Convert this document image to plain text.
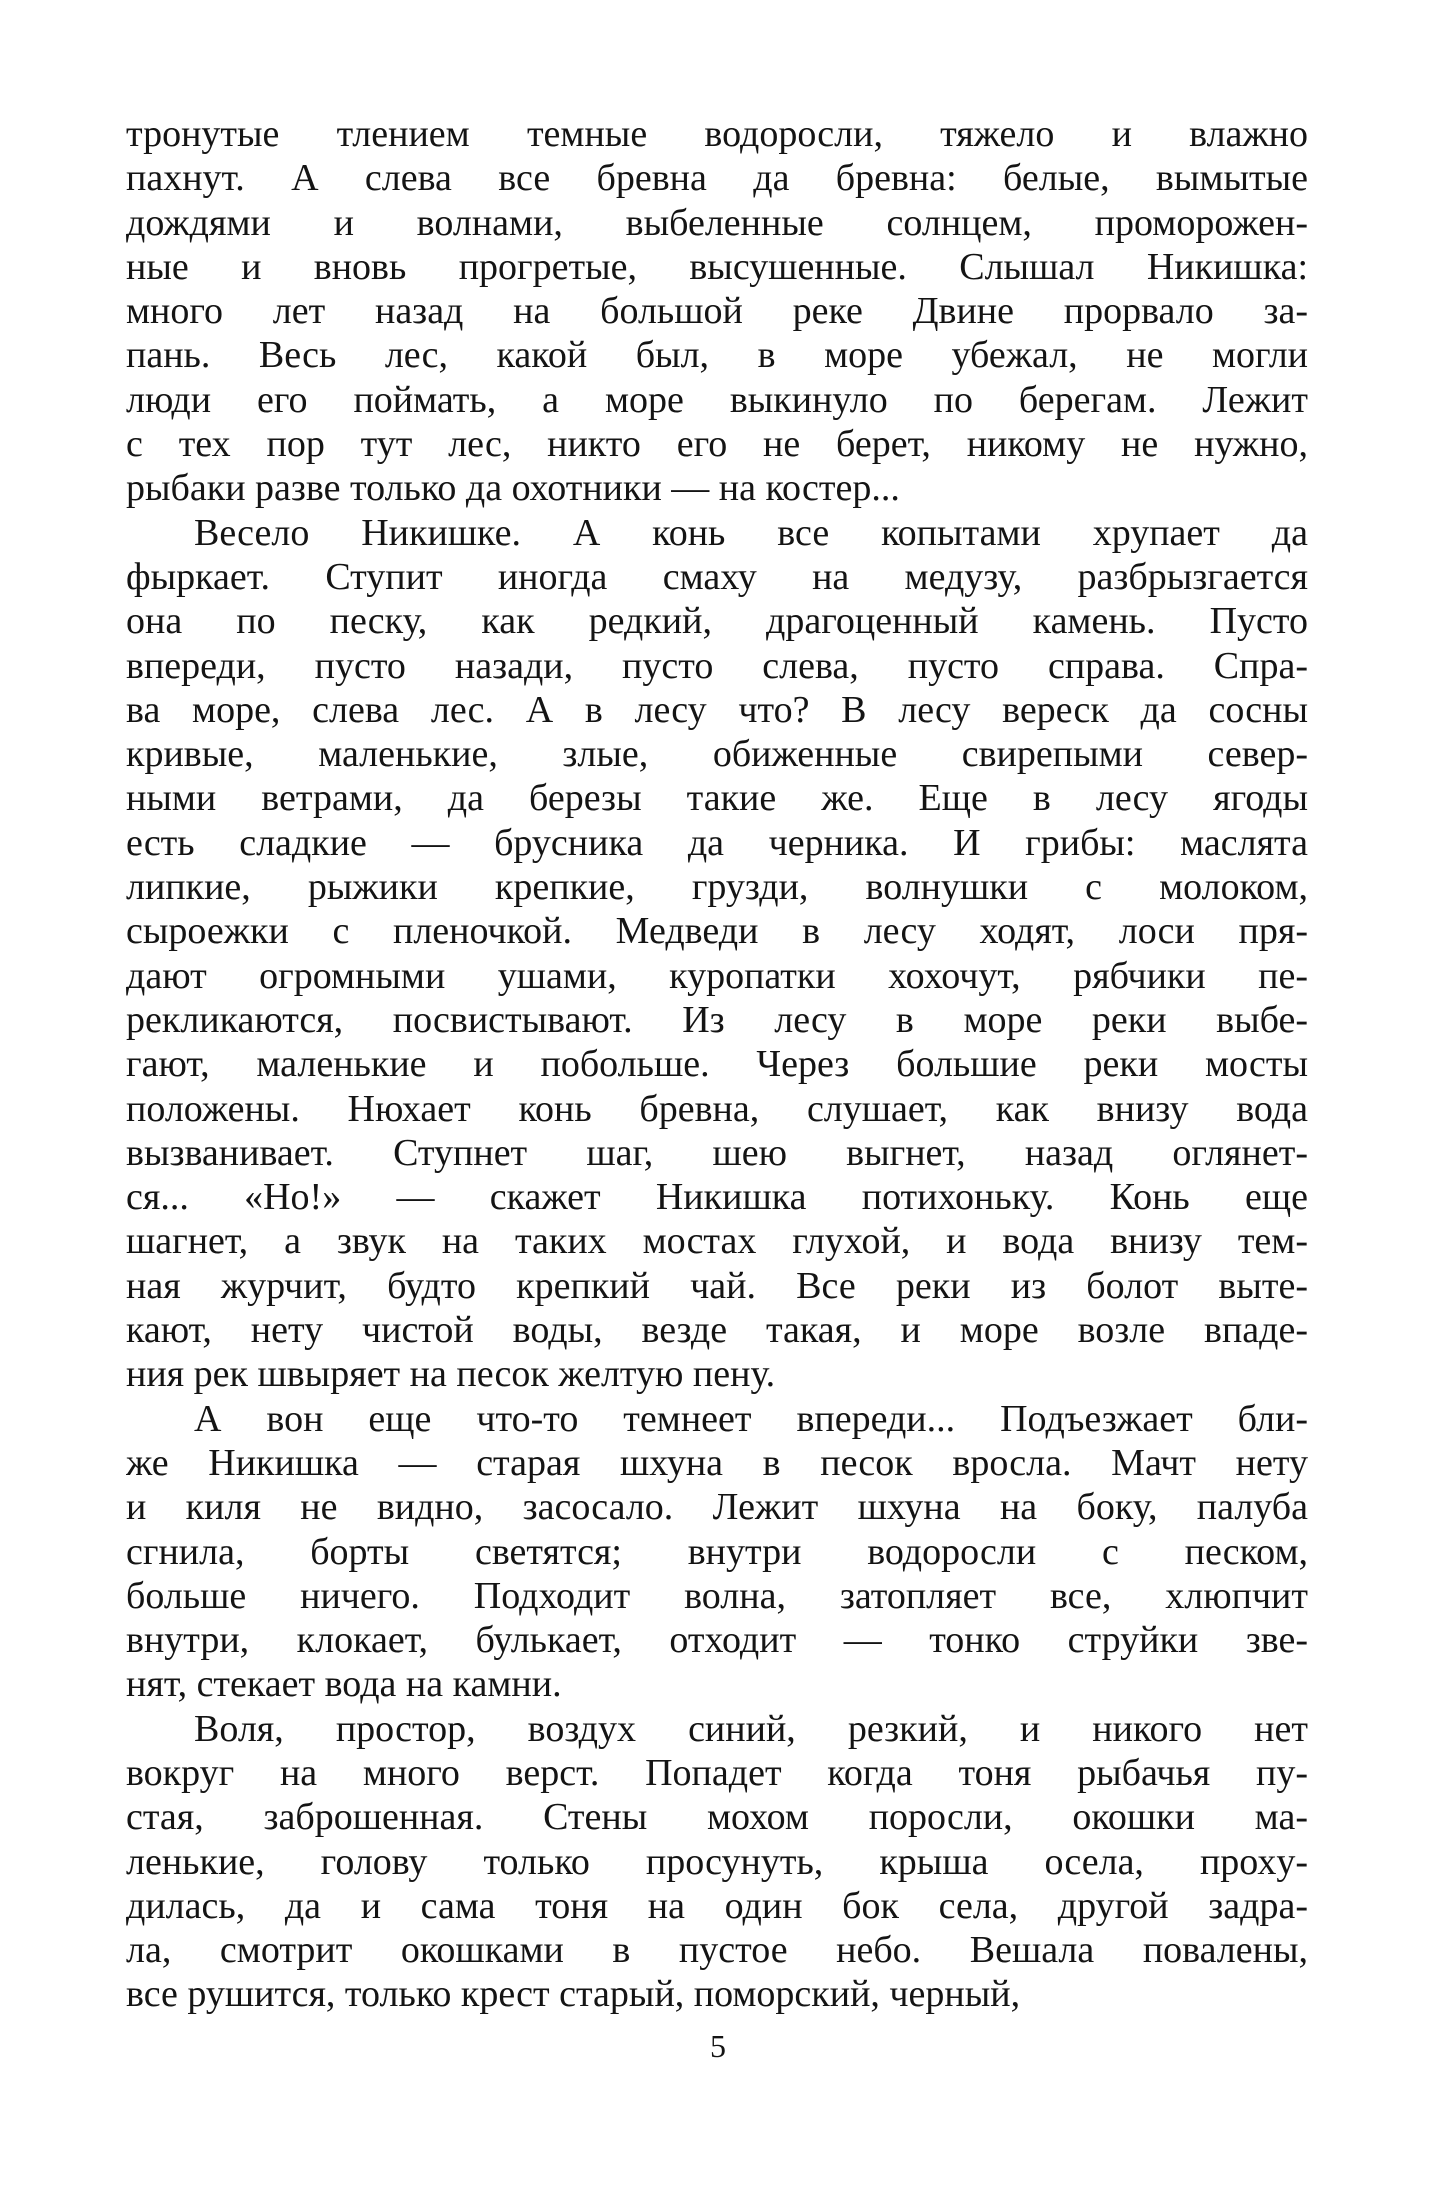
тронутые тлением темные водоросли, тяжело и влажно
пахнут. А слева все бревна да бревна: белые, вымытые
дождями и волнами, выбеленные солнцем, проморожен-
ные и вновь прогретые, высушенные. Слышал Никишка:
много лет назад на большой реке Двине прорвало за-
пань. Весь лес, какой был, в море убежал, не могли
люди его поймать, а море выкинуло по берегам. Лежит
с тех пор тут лес, никто его не берет, никому не нужно,
рыбаки разве только да охотники — на костер...
Весело Никишке. А конь все копытами хрупает да
фыркает. Ступит иногда смаху на медузу, разбрызгается
она по песку, как редкий, драгоценный камень. Пусто
впереди, пусто назади, пусто слева, пусто справа. Спра-
ва море, слева лес. А в лесу что? В лесу вереск да сосны
кривые, маленькие, злые, обиженные свирепыми север-
ными ветрами, да березы такие же. Еще в лесу ягоды
есть сладкие — брусника да черника. И грибы: маслята
липкие, рыжики крепкие, грузди, волнушки с молоком,
сыроежки с пленочкой. Медведи в лесу ходят, лоси пря-
дают огромными ушами, куропатки хохочут, рябчики пе-
рекликаются, посвистывают. Из лесу в море реки выбе-
гают, маленькие и побольше. Через большие реки мосты
положены. Нюхает конь бревна, слушает, как внизу вода
вызванивает. Ступнет шаг, шею выгнет, назад оглянет-
ся... «Но!» — скажет Никишка потихоньку. Конь еще
шагнет, а звук на таких мостах глухой, и вода внизу тем-
ная журчит, будто крепкий чай. Все реки из болот выте-
кают, нету чистой воды, везде такая, и море возле впаде-
ния рек швыряет на песок желтую пену.
А вон еще что-то темнеет впереди... Подъезжает бли-
же Никишка — старая шхуна в песок вросла. Мачт нету
и киля не видно, засосало. Лежит шхуна на боку, палуба
сгнила, борты светятся; внутри водоросли с песком,
больше ничего. Подходит волна, затопляет все, хлюпчит
внутри, клокает, булькает, отходит — тонко струйки зве-
нят, стекает вода на камни.
Воля, простор, воздух синий, резкий, и никого нет
вокруг на много верст. Попадет когда тоня рыбачья пу-
стая, заброшенная. Стены мохом поросли, окошки ма-
ленькие, голову только просунуть, крыша осела, прохy-
дилась, да и сама тоня на один бок села, другой задра-
ла, смотрит окошками в пустое небо. Вешала повалены,
все рушится, только крест старый, поморский, черный,
5
